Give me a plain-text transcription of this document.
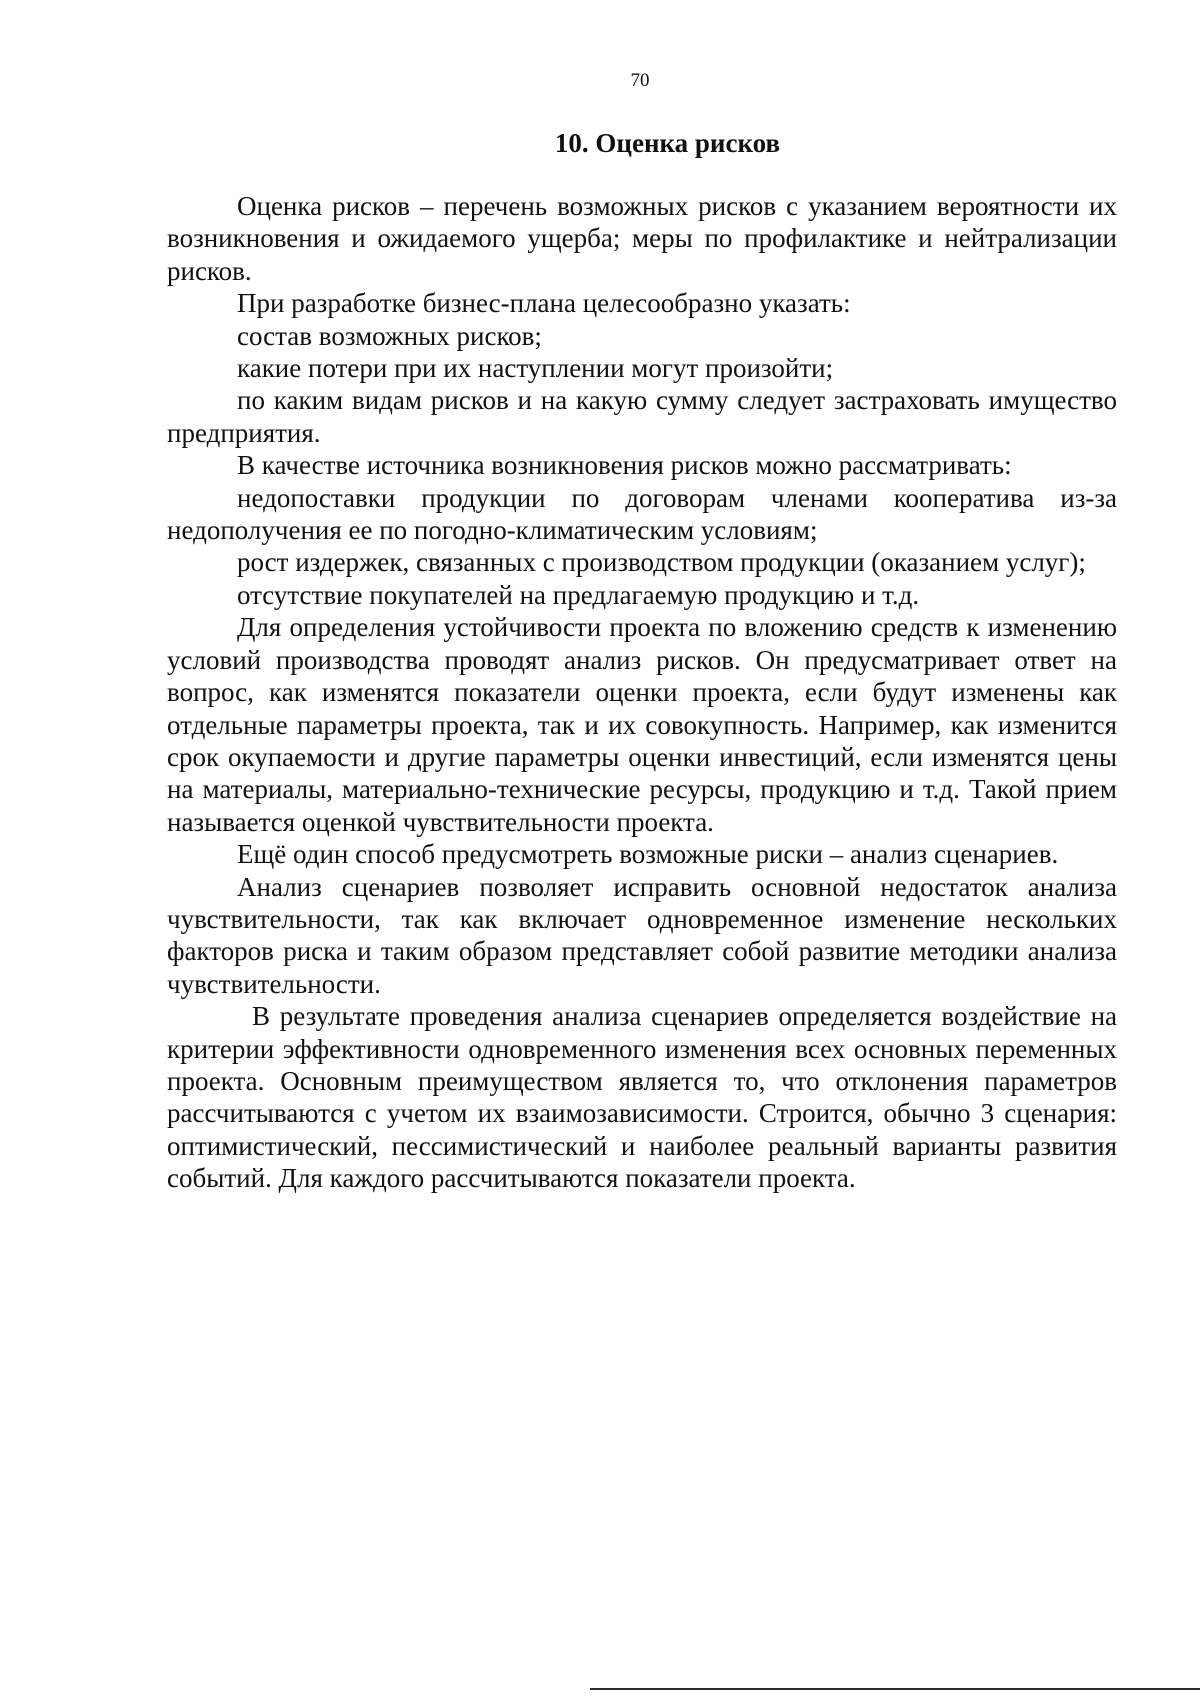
70
10. Оценка рисков

Оценка рисков – перечень возможных рисков с указанием вероятности их возникновения и ожидаемого ущерба; меры по профилактике и нейтрализации рисков.

При разработке бизнес-плана целесообразно указать:

состав возможных рисков;

какие потери при их наступлении могут произойти;

по каким видам рисков и на какую сумму следует застраховать имущество предприятия.

В качестве источника возникновения рисков можно рассматривать:

недопоставки продукции по договорам членами кооператива из-за недополучения ее по погодно-климатическим условиям;

рост издержек, связанных с производством продукции (оказанием услуг);

отсутствие покупателей на предлагаемую продукцию и т.д.

Для определения устойчивости проекта по вложению средств к изменению условий производства проводят анализ рисков. Он предусматривает ответ на вопрос, как изменятся показатели оценки проекта, если будут изменены как отдельные параметры проекта, так и их совокупность. Например, как изменится срок окупаемости и другие параметры оценки инвестиций, если изменятся цены на материалы, материально-технические ресурсы, продукцию и т.д. Такой прием называется оценкой чувствительности проекта.

Ещё один способ предусмотреть возможные риски – анализ сценариев.

Анализ сценариев позволяет исправить основной недостаток анализа чувствительности, так как включает одновременное изменение нескольких факторов риска и таким образом представляет собой развитие методики анализа чувствительности.

В результате проведения анализа сценариев определяется воздействие на критерии эффективности одновременного изменения всех основных переменных проекта. Основным преимуществом является то, что отклонения параметров рассчитываются с учетом их взаимозависимости. Строится, обычно 3 сценария: оптимистический, пессимистический и наиболее реальный варианты развития событий. Для каждого рассчитываются показатели проекта.
